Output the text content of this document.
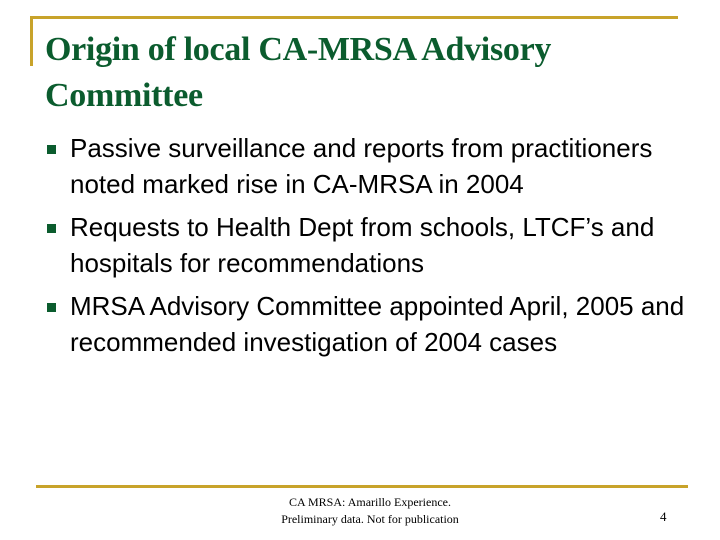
Origin of local CA-MRSA Advisory Committee
Passive surveillance and reports from practitioners noted marked rise in CA-MRSA in 2004
Requests to Health Dept from schools, LTCF’s and hospitals for recommendations
MRSA Advisory Committee appointed April, 2005 and recommended investigation of 2004 cases
CA MRSA: Amarillo Experience.
Preliminary data. Not for publication	4
